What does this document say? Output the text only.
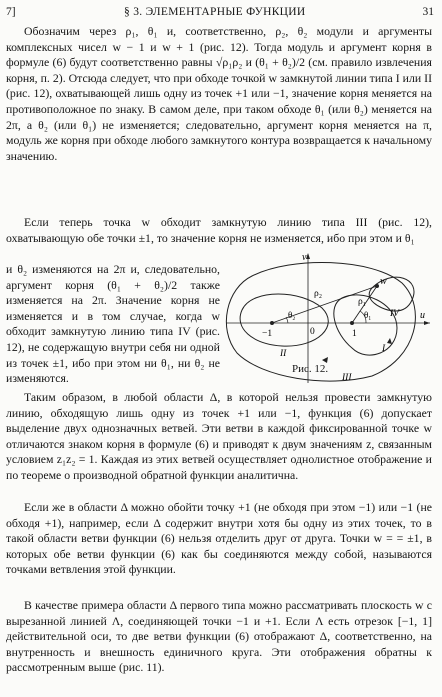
7]	§ 3. ЭЛЕМЕНТАРНЫЕ ФУНКЦИИ	31

Обозначим через ρ₁, θ₁ и, соответственно, ρ₂, θ₂ модули и аргументы комплексных чисел w − 1 и w + 1 (рис. 12). Тогда модуль и аргумент корня в формуле (6) будут соответственно равны √ρ₁ρ₂ и (θ₁ + θ₂)/2 (см. правило извлечения корня, п. 2). Отсюда следует, что при обходе точкой w замкнутой линии типа I или II (рис. 12), охватывающей лишь одну из точек +1 или −1, значение корня меняется на противоположное по знаку. В самом деле, при таком обходе θ₁ (или θ₂) меняется на 2π, а θ₂ (или θ₁) не изменяется; следовательно, аргумент корня меняется на π, модуль же корня при обходе любого замкнутого контура возвращается к начальному значению.

Если теперь точка w обходит замкнутую линию типа III (рис. 12), охватывающую обе точки ±1, то значение корня не изменяется, ибо при этом и θ₁

и θ₂ изменяются на 2π и, следовательно, аргумент корня (θ₁ + θ₂)/2 также изменяется на 2π. Значение корня не изменяется и в том случае, когда w обходит замкнутую линию типа IV (рис. 12), не содержащую внутри себя ни одной из точек ±1, ибо при этом ни θ₁, ни θ₂ не изменяются.

v
u
w
−1	0	1
ρ₁
ρ₂
θ₁
θ₂
I
II
III
IV
Рис. 12.

Таким образом, в любой области Δ, в которой нельзя провести замкнутую линию, обходящую лишь одну из точек +1 или −1, функция (6) допускает выделение двух однозначных ветвей. Эти ветви в каждой фиксированной точке w отличаются знаком корня в формуле (6) и приводят к двум значениям z, связанным условием z₁z₂ = 1. Каждая из этих ветвей осуществляет однолистное отображение и по теореме о производной обратной функции аналитична.

Если же в области Δ можно обойти точку +1 (не обходя при этом −1) или −1 (не обходя +1), например, если Δ содержит внутри хотя бы одну из этих точек, то в такой области ветви функции (6) нельзя отделить друг от друга. Точки w = = ±1, в которых обе ветви функции (6) как бы соединяются между собой, называются точками ветвления этой функции.

В качестве примера области Δ первого типа можно рассматривать плоскость w с вырезанной линией Λ, соединяющей точки −1 и +1. Если Λ есть отрезок [−1, 1] действительной оси, то две ветви функции (6) отображают Δ, соответственно, на внутренность и внешность единичного круга. Эти отображения обратны к рассмотренным выше (рис. 11).
